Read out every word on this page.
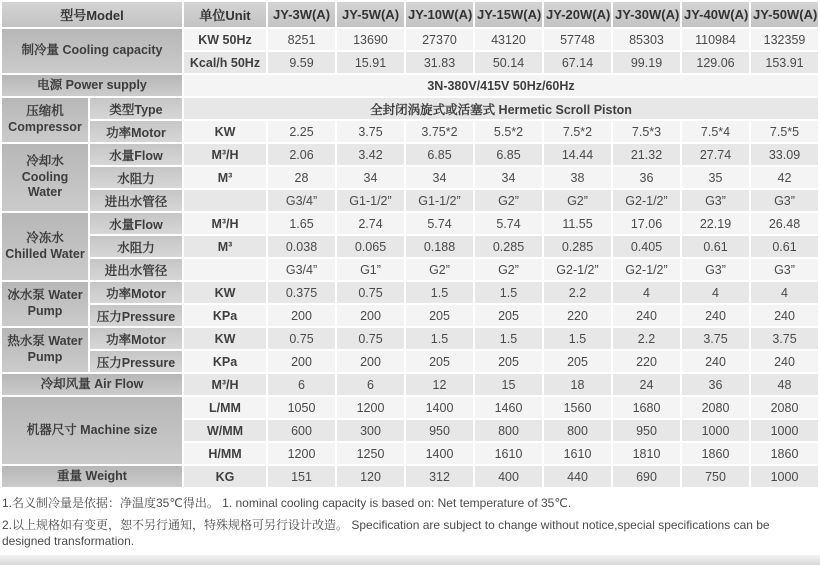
型号Model		单位Unit	JY-3W(A)	JY-5W(A)	JY-10W(A)	JY-15W(A)	JY-20W(A)	JY-30W(A)	JY-40W(A)	JY-50W(A)
制冷量 Cooling capacity		KW 50Hz	8251	13690	27370	43120	57748	85303	110984	132359
		Kcal/h 50Hz	9.59	15.91	31.83	50.14	67.14	99.19	129.06	153.91
电源 Power supply		3N-380V/415V 50Hz/60Hz								
压缩机 Compressor	类型Type	全封闭涡旋式或活塞式 Hermetic Scroll Piston								
	功率Motor	KW	2.25	3.75	3.75*2	5.5*2	7.5*2	7.5*3	7.5*4	7.5*5
冷却水 Cooling Water	水量Flow	M³/H	2.06	3.42	6.85	6.85	14.44	21.32	27.74	33.09
	水阻力	M³	28	34	34	34	38	36	35	42
	进出水管径		G3/4”	G1-1/2”	G1-1/2”	G2”	G2”	G2-1/2”	G3”	G3”
冷冻水 Chilled Water	水量Flow	M³/H	1.65	2.74	5.74	5.74	11.55	17.06	22.19	26.48
	水阻力	M³	0.038	0.065	0.188	0.285	0.285	0.405	0.61	0.61
	进出水管径		G3/4”	G1”	G2”	G2”	G2-1/2”	G2-1/2”	G3”	G3”
冰水泵 Water Pump	功率Motor	KW	0.375	0.75	1.5	1.5	2.2	4	4	4
	压力Pressure	KPa	200	200	205	205	220	240	240	240
热水泵 Water Pump	功率Motor	KW	0.75	0.75	1.5	1.5	1.5	2.2	3.75	3.75
	压力Pressure	KPa	200	200	205	205	205	220	240	240
冷却风量 Air Flow		M³/H	6	6	12	15	18	24	36	48
机器尺寸 Machine size		L/MM	1050	1200	1400	1460	1560	1680	2080	2080
		W/MM	600	300	950	800	800	950	1000	1000
		H/MM	1200	1250	1400	1610	1610	1810	1860	1860
重量 Weight		KG	151	120	312	400	440	690	750	1000

1.名义制冷量是依据：净温度35℃得出。 1. nominal cooling capacity is based on: Net temperature of 35℃.

2.以上规格如有变更，恕不另行通知，特殊规格可另行设计改造。 Specification are subject to change without notice,special specifications can be designed transformation.
